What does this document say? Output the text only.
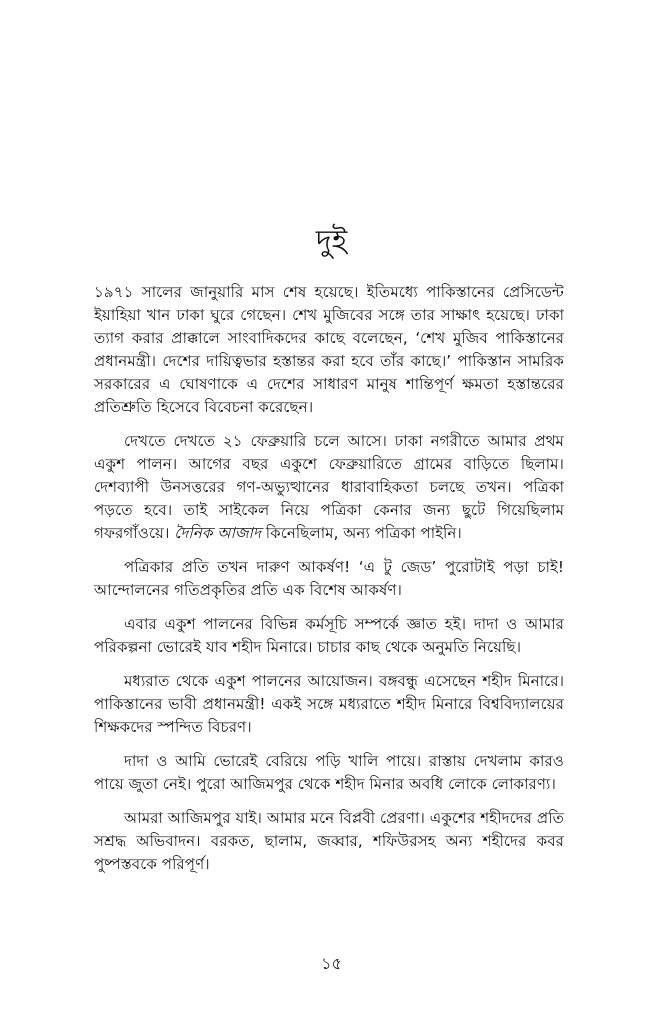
দুই

১৯৭১ সালের জানুয়ারি মাস শেষ হয়েছে। ইতিমধ্যে পাকিস্তানের প্রেসিডেন্ট ইয়াহিয়া খান ঢাকা ঘুরে গেছেন। শেখ মুজিবের সঙ্গে তার সাক্ষাৎ হয়েছে। ঢাকা ত্যাগ করার প্রাক্কালে সাংবাদিকদের কাছে বলেছেন, ‘শেখ মুজিব পাকিস্তানের প্রধানমন্ত্রী। দেশের দায়িত্বভার হস্তান্তর করা হবে তাঁর কাছে।’ পাকিস্তান সামরিক সরকারের এ ঘোষণাকে এ দেশের সাধারণ মানুষ শান্তিপূর্ণ ক্ষমতা হস্তান্তরের প্রতিশ্রুতি হিসেবে বিবেচনা করেছেন।

দেখতে দেখতে ২১ ফেব্রুয়ারি চলে আসে। ঢাকা নগরীতে আমার প্রথম একুশ পালন। আগের বছর একুশে ফেব্রুয়ারিতে গ্রামের বাড়িতে ছিলাম। দেশব্যাপী উনসত্তরের গণ-অভ্যুত্থানের ধারাবাহিকতা চলছে তখন। পত্রিকা পড়তে হবে। তাই সাইকেল নিয়ে পত্রিকা কেনার জন্য ছুটে গিয়েছিলাম গফরগাঁওয়ে। দৈনিক আজাদ কিনেছিলাম, অন্য পত্রিকা পাইনি।

পত্রিকার প্রতি তখন দারুণ আকর্ষণ! ‘এ টু জেড’ পুরোটাই পড়া চাই! আন্দোলনের গতিপ্রকৃতির প্রতি এক বিশেষ আকর্ষণ।

এবার একুশ পালনের বিভিন্ন কর্মসূচি সম্পর্কে জ্ঞাত হই। দাদা ও আমার পরিকল্পনা ভোরেই যাব শহীদ মিনারে। চাচার কাছ থেকে অনুমতি নিয়েছি।

মধ্যরাত থেকে একুশ পালনের আয়োজন। বঙ্গবন্ধু এসেছেন শহীদ মিনারে। পাকিস্তানের ভাবী প্রধানমন্ত্রী! একই সঙ্গে মধ্যরাতে শহীদ মিনারে বিশ্ববিদ্যালয়ের শিক্ষকদের স্পন্দিত বিচরণ।

দাদা ও আমি ভোরেই বেরিয়ে পড়ি খালি পায়ে। রাস্তায় দেখলাম কারও পায়ে জুতা নেই। পুরো আজিমপুর থেকে শহীদ মিনার অবধি লোকে লোকারণ্য।

আমরা আজিমপুর যাই। আমার মনে বিপ্লবী প্রেরণা। একুশের শহীদদের প্রতি সশ্রদ্ধ অভিবাদন। বরকত, ছালাম, জব্বার, শফিউরসহ অন্য শহীদের কবর পুষ্পস্তবকে পরিপূর্ণ।

১৫
